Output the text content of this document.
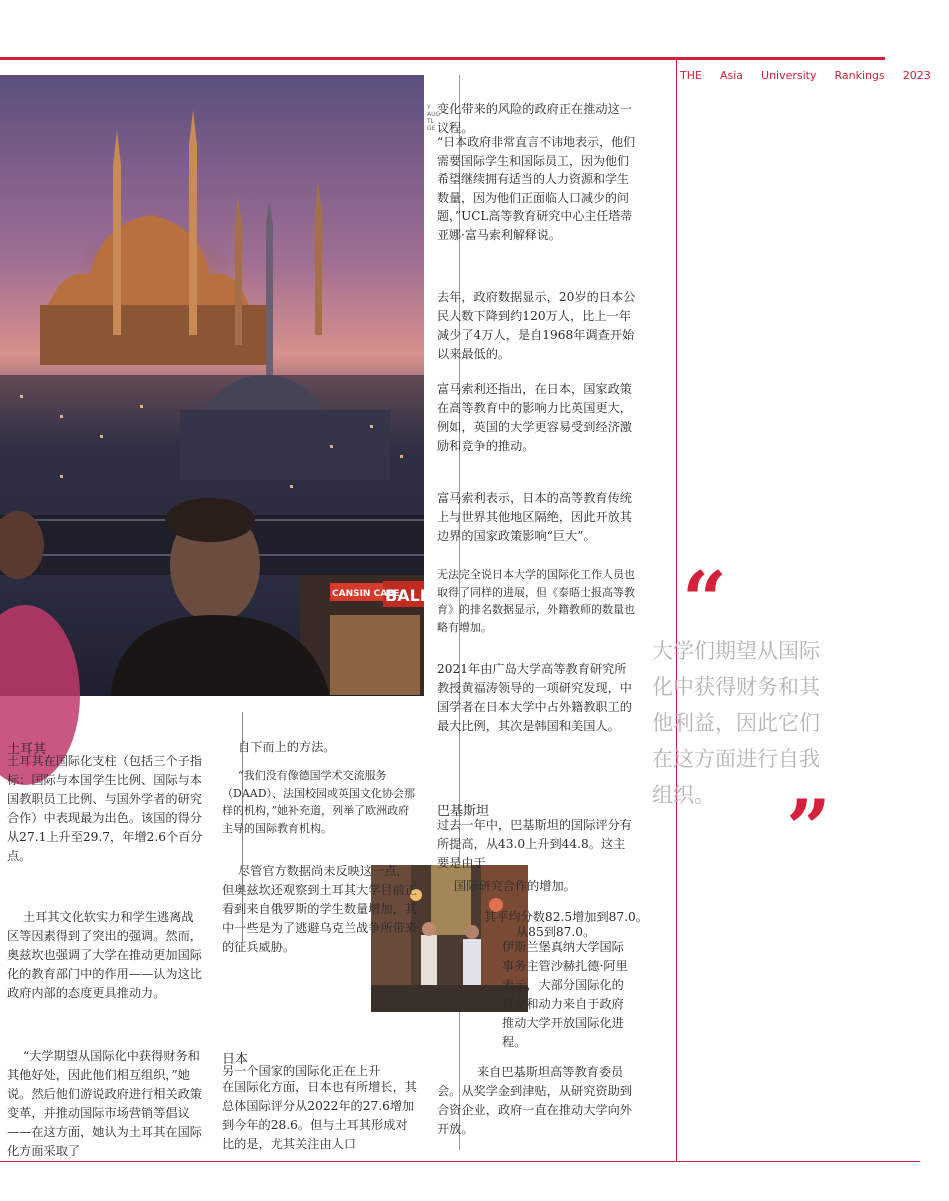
THE Asia University Rankings 2023
CANSIN CAFE
BALIK
Y
AUG
TL
GE
“
大学们期望从国际化中获得财务和其他利益，因此它们在这方面进行自我组织。 ”

变化带来的风险的政府正在推动这一议程。

“日本政府非常直言不讳地表示，他们需要国际学生和国际员工，因为他们希望继续拥有适当的人力资源和学生数量，因为他们正面临人口减少的问题，”UCL高等教育研究中心主任塔蒂亚娜·富马索利解释说。

去年，政府数据显示，20岁的日本公民人数下降到约120万人，比上一年减少了4万人，是自1968年调查开始以来最低的。

富马索利还指出，在日本，国家政策在高等教育中的影响力比英国更大，例如，英国的大学更容易受到经济激励和竞争的推动。

富马索利表示，日本的高等教育传统上与世界其他地区隔绝，因此开放其边界的国家政策影响“巨大”。

无法完全说日本大学的国际化工作人员也取得了同样的进展，但《泰晤士报高等教育》的排名数据显示，外籍教师的数量也略有增加。

2021年由广岛大学高等教育研究所教授黄福涛领导的一项研究发现，中国学者在日本大学中占外籍教职工的最大比例，其次是韩国和美国人。

巴基斯坦

过去一年中，巴基斯坦的国际评分有所提高，从43.0上升到44.8。这主要是由于

国际研究合作的增加。

其平均分数82.5增加到87.0。

从85到87.0。

伊斯兰堡真纳大学国际事务主管沙赫扎德·阿里表示，大部分国际化的资金和动力来自于政府推动大学开放国际化进程。

来自巴基斯坦高等教育委员会。从奖学金到津贴，从研究资助到合资企业，政府一直在推动大学向外开放。

土耳其

土耳其在国际化支柱（包括三个子指标：国际与本国学生比例、国际与本国教职员工比例、与国外学者的研究合作）中表现最为出色。该国的得分从27.1上升至29.7，年增2.6个百分点。

土耳其文化软实力和学生逃离战区等因素得到了突出的强调。然而，奥兹坎也强调了大学在推动更加国际化的教育部门中的作用——认为这比政府内部的态度更具推动力。

“大学期望从国际化中获得财务和其他好处，因此他们相互组织，”她说。然后他们游说政府进行相关政策变革，并推动国际市场营销等倡议——在这方面，她认为土耳其在国际化方面采取了

自下而上的方法。

“我们没有像德国学术交流服务（DAAD）、法国校园或英国文化协会那样的机构，”她补充道，列举了欧洲政府主导的国际教育机构。

尽管官方数据尚未反映这一点，但奥兹坎还观察到土耳其大学目前正看到来自俄罗斯的学生数量增加，其中一些是为了逃避乌克兰战争所带来的征兵威胁。

日本

另一个国家的国际化正在上升

在国际化方面，日本也有所增长，其总体国际评分从2022年的27.6增加到今年的28.6。但与土耳其形成对比的是，尤其关注由人口
